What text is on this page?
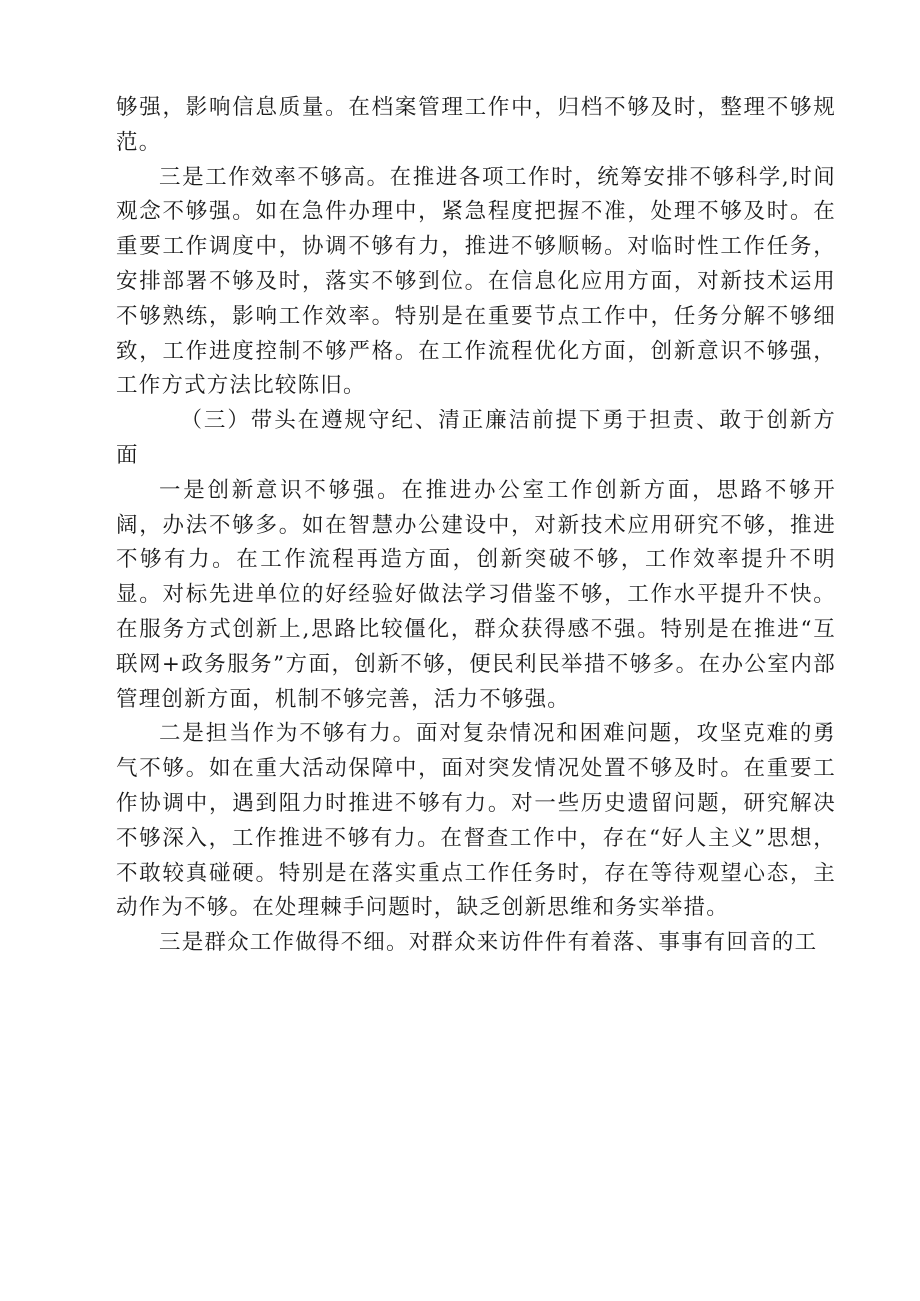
够强，影响信息质量。在档案管理工作中，归档不够及时，整理不够规范。

三是工作效率不够高。在推进各项工作时，统筹安排不够科学,时间观念不够强。如在急件办理中，紧急程度把握不准，处理不够及时。在重要工作调度中，协调不够有力，推进不够顺畅。对临时性工作任务，安排部署不够及时，落实不够到位。在信息化应用方面，对新技术运用不够熟练，影响工作效率。特别是在重要节点工作中，任务分解不够细致，工作进度控制不够严格。在工作流程优化方面，创新意识不够强，工作方式方法比较陈旧。

（三）带头在遵规守纪、清正廉洁前提下勇于担责、敢于创新方面

一是创新意识不够强。在推进办公室工作创新方面，思路不够开阔，办法不够多。如在智慧办公建设中，对新技术应用研究不够，推进不够有力。在工作流程再造方面，创新突破不够，工作效率提升不明显。对标先进单位的好经验好做法学习借鉴不够，工作水平提升不快。在服务方式创新上,思路比较僵化，群众获得感不强。特别是在推进“互联网+政务服务”方面，创新不够，便民利民举措不够多。在办公室内部管理创新方面，机制不够完善，活力不够强。

二是担当作为不够有力。面对复杂情况和困难问题，攻坚克难的勇气不够。如在重大活动保障中，面对突发情况处置不够及时。在重要工作协调中，遇到阻力时推进不够有力。对一些历史遗留问题，研究解决不够深入，工作推进不够有力。在督查工作中，存在“好人主义”思想，不敢较真碰硬。特别是在落实重点工作任务时，存在等待观望心态，主动作为不够。在处理棘手问题时，缺乏创新思维和务实举措。

三是群众工作做得不细。对群众来访件件有着落、事事有回音的工
